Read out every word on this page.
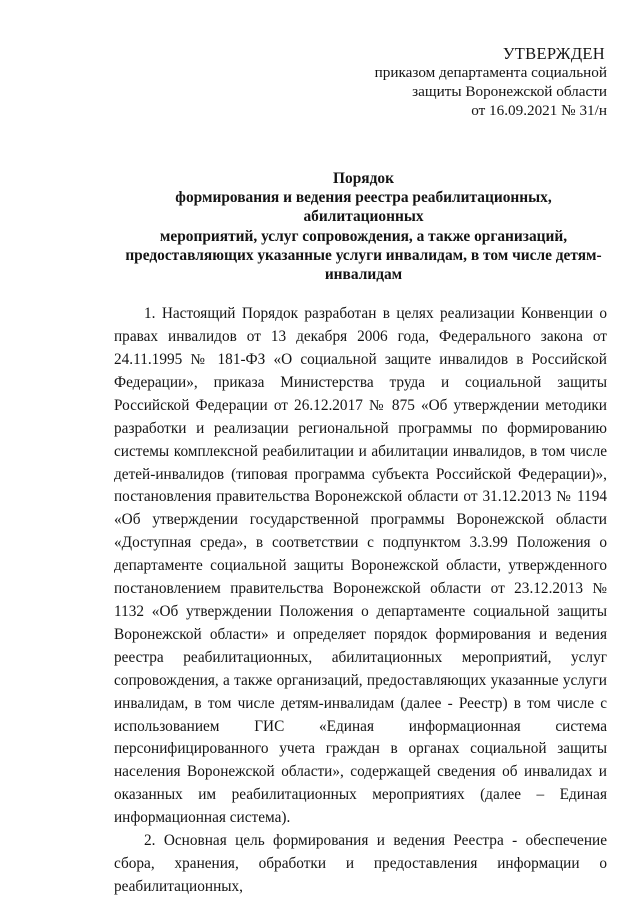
УТВЕРЖДЕН
приказом департамента социальной
защиты Воронежской области
от 16.09.2021 № 31/н
Порядок
формирования и ведения реестра реабилитационных, абилитационных
мероприятий, услуг сопровождения, а также организаций,
предоставляющих указанные услуги инвалидам, в том числе детям-
инвалидам

1. Настоящий Порядок разработан в целях реализации Конвенции о правах инвалидов от 13 декабря 2006 года, Федерального закона от 24.11.1995 № 181-ФЗ «О социальной защите инвалидов в Российской Федерации», приказа Министерства труда и социальной защиты Российской Федерации от 26.12.2017 № 875 «Об утверждении методики разработки и реализации региональной программы по формированию системы комплексной реабилитации и абилитации инвалидов, в том числе детей-инвалидов (типовая программа субъекта Российской Федерации)», постановления правительства Воронежской области от 31.12.2013 № 1194 «Об утверждении государственной программы Воронежской области «Доступная среда», в соответствии с подпунктом 3.3.99 Положения о департаменте социальной защиты Воронежской области, утвержденного постановлением правительства Воронежской области от 23.12.2013 № 1132 «Об утверждении Положения о департаменте социальной защиты Воронежской области» и определяет порядок формирования и ведения реестра реабилитационных, абилитационных мероприятий, услуг сопровождения, а также организаций, предоставляющих указанные услуги инвалидам, в том числе детям-инвалидам (далее - Реестр) в том числе с использованием ГИС «Единая информационная система персонифицированного учета граждан в органах социальной защиты населения Воронежской области», содержащей сведения об инвалидах и оказанных им реабилитационных мероприятиях (далее – Единая информационная система).

2. Основная цель формирования и ведения Реестра - обеспечение сбора, хранения, обработки и предоставления информации о реабилитационных,
